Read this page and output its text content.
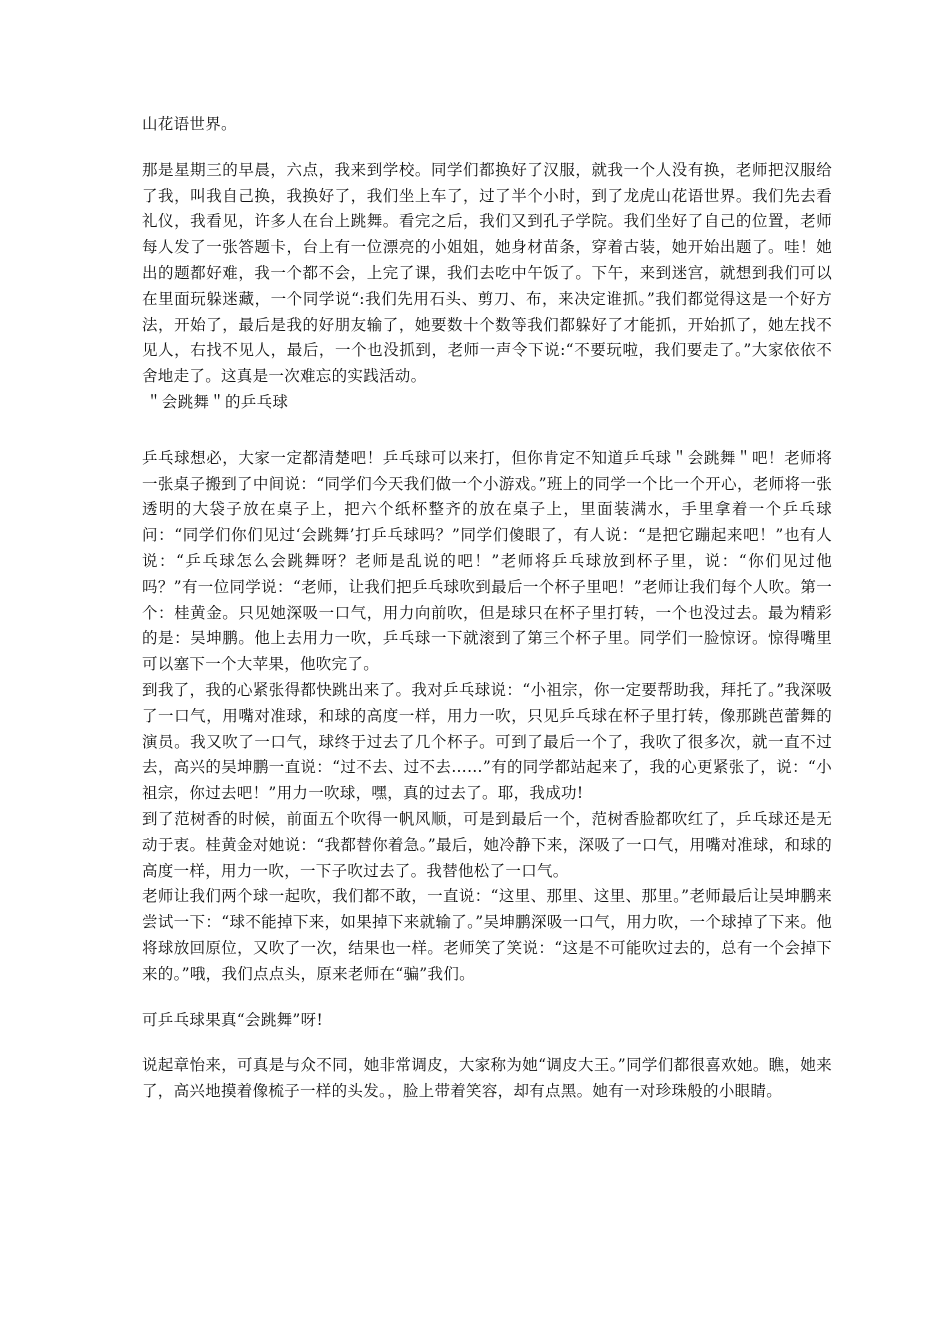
山花语世界。

那是星期三的早晨，六点，我来到学校。同学们都换好了汉服，就我一个人没有换，老师把汉服给了我，叫我自己换，我换好了，我们坐上车了，过了半个小时，到了龙虎山花语世界。我们先去看礼仪，我看见，许多人在台上跳舞。看完之后，我们又到孔子学院。我们坐好了自己的位置，老师每人发了一张答题卡，台上有一位漂亮的小姐姐，她身材苗条，穿着古装，她开始出题了。哇！她出的题都好难，我一个都不会，上完了课，我们去吃中午饭了。下午，来到迷宫，就想到我们可以在里面玩躲迷藏，一个同学说“:我们先用石头、剪刀、布，来决定谁抓。”我们都觉得这是一个好方法，开始了，最后是我的好朋友输了，她要数十个数等我们都躲好了才能抓，开始抓了，她左找不见人，右找不见人，最后，一个也没抓到，老师一声令下说:“不要玩啦，我们要走了。”大家依依不舍地走了。这真是一次难忘的实践活动。

＂会跳舞＂的乒乓球

乒乓球想必，大家一定都清楚吧！乒乓球可以来打，但你肯定不知道乒乓球＂会跳舞＂吧！老师将一张桌子搬到了中间说：“同学们今天我们做一个小游戏。”班上的同学一个比一个开心，老师将一张透明的大袋子放在桌子上，把六个纸杯整齐的放在桌子上，里面装满水，手里拿着一个乒乓球问：“同学们你们见过‘会跳舞’打乒乓球吗？”同学们傻眼了，有人说：“是把它蹦起来吧！”也有人说：“乒乓球怎么会跳舞呀？老师是乱说的吧！”老师将乒乓球放到杯子里，说：“你们见过他吗？”有一位同学说：“老师，让我们把乒乓球吹到最后一个杯子里吧！”老师让我们每个人吹。第一个：桂黄金。只见她深吸一口气，用力向前吹，但是球只在杯子里打转，一个也没过去。最为精彩的是：吴坤鹏。他上去用力一吹，乒乓球一下就滚到了第三个杯子里。同学们一脸惊讶。惊得嘴里可以塞下一个大苹果，他吹完了。

到我了，我的心紧张得都快跳出来了。我对乒乓球说：“小祖宗，你一定要帮助我，拜托了。”我深吸了一口气，用嘴对准球，和球的高度一样，用力一吹，只见乒乓球在杯子里打转，像那跳芭蕾舞的演员。我又吹了一口气，球终于过去了几个杯子。可到了最后一个了，我吹了很多次，就一直不过去，高兴的吴坤鹏一直说：“过不去、过不去……”有的同学都站起来了，我的心更紧张了，说：“小祖宗，你过去吧！”用力一吹球，嘿，真的过去了。耶，我成功!

到了范树香的时候，前面五个吹得一帆风顺，可是到最后一个，范树香脸都吹红了，乒乓球还是无动于衷。桂黄金对她说：“我都替你着急。”最后，她冷静下来，深吸了一口气，用嘴对准球，和球的高度一样，用力一吹，一下子吹过去了。我替他松了一口气。

老师让我们两个球一起吹，我们都不敢，一直说：“这里、那里、这里、那里。”老师最后让吴坤鹏来尝试一下：“球不能掉下来，如果掉下来就输了。”吴坤鹏深吸一口气，用力吹，一个球掉了下来。他将球放回原位，又吹了一次，结果也一样。老师笑了笑说：“这是不可能吹过去的，总有一个会掉下来的。”哦，我们点点头，原来老师在“骗”我们。

可乒乓球果真“会跳舞”呀!

说起章怡来，可真是与众不同，她非常调皮，大家称为她“调皮大王。”同学们都很喜欢她。瞧，她来了，高兴地摸着像梳子一样的头发。，脸上带着笑容，却有点黑。她有一对珍珠般的小眼睛。
